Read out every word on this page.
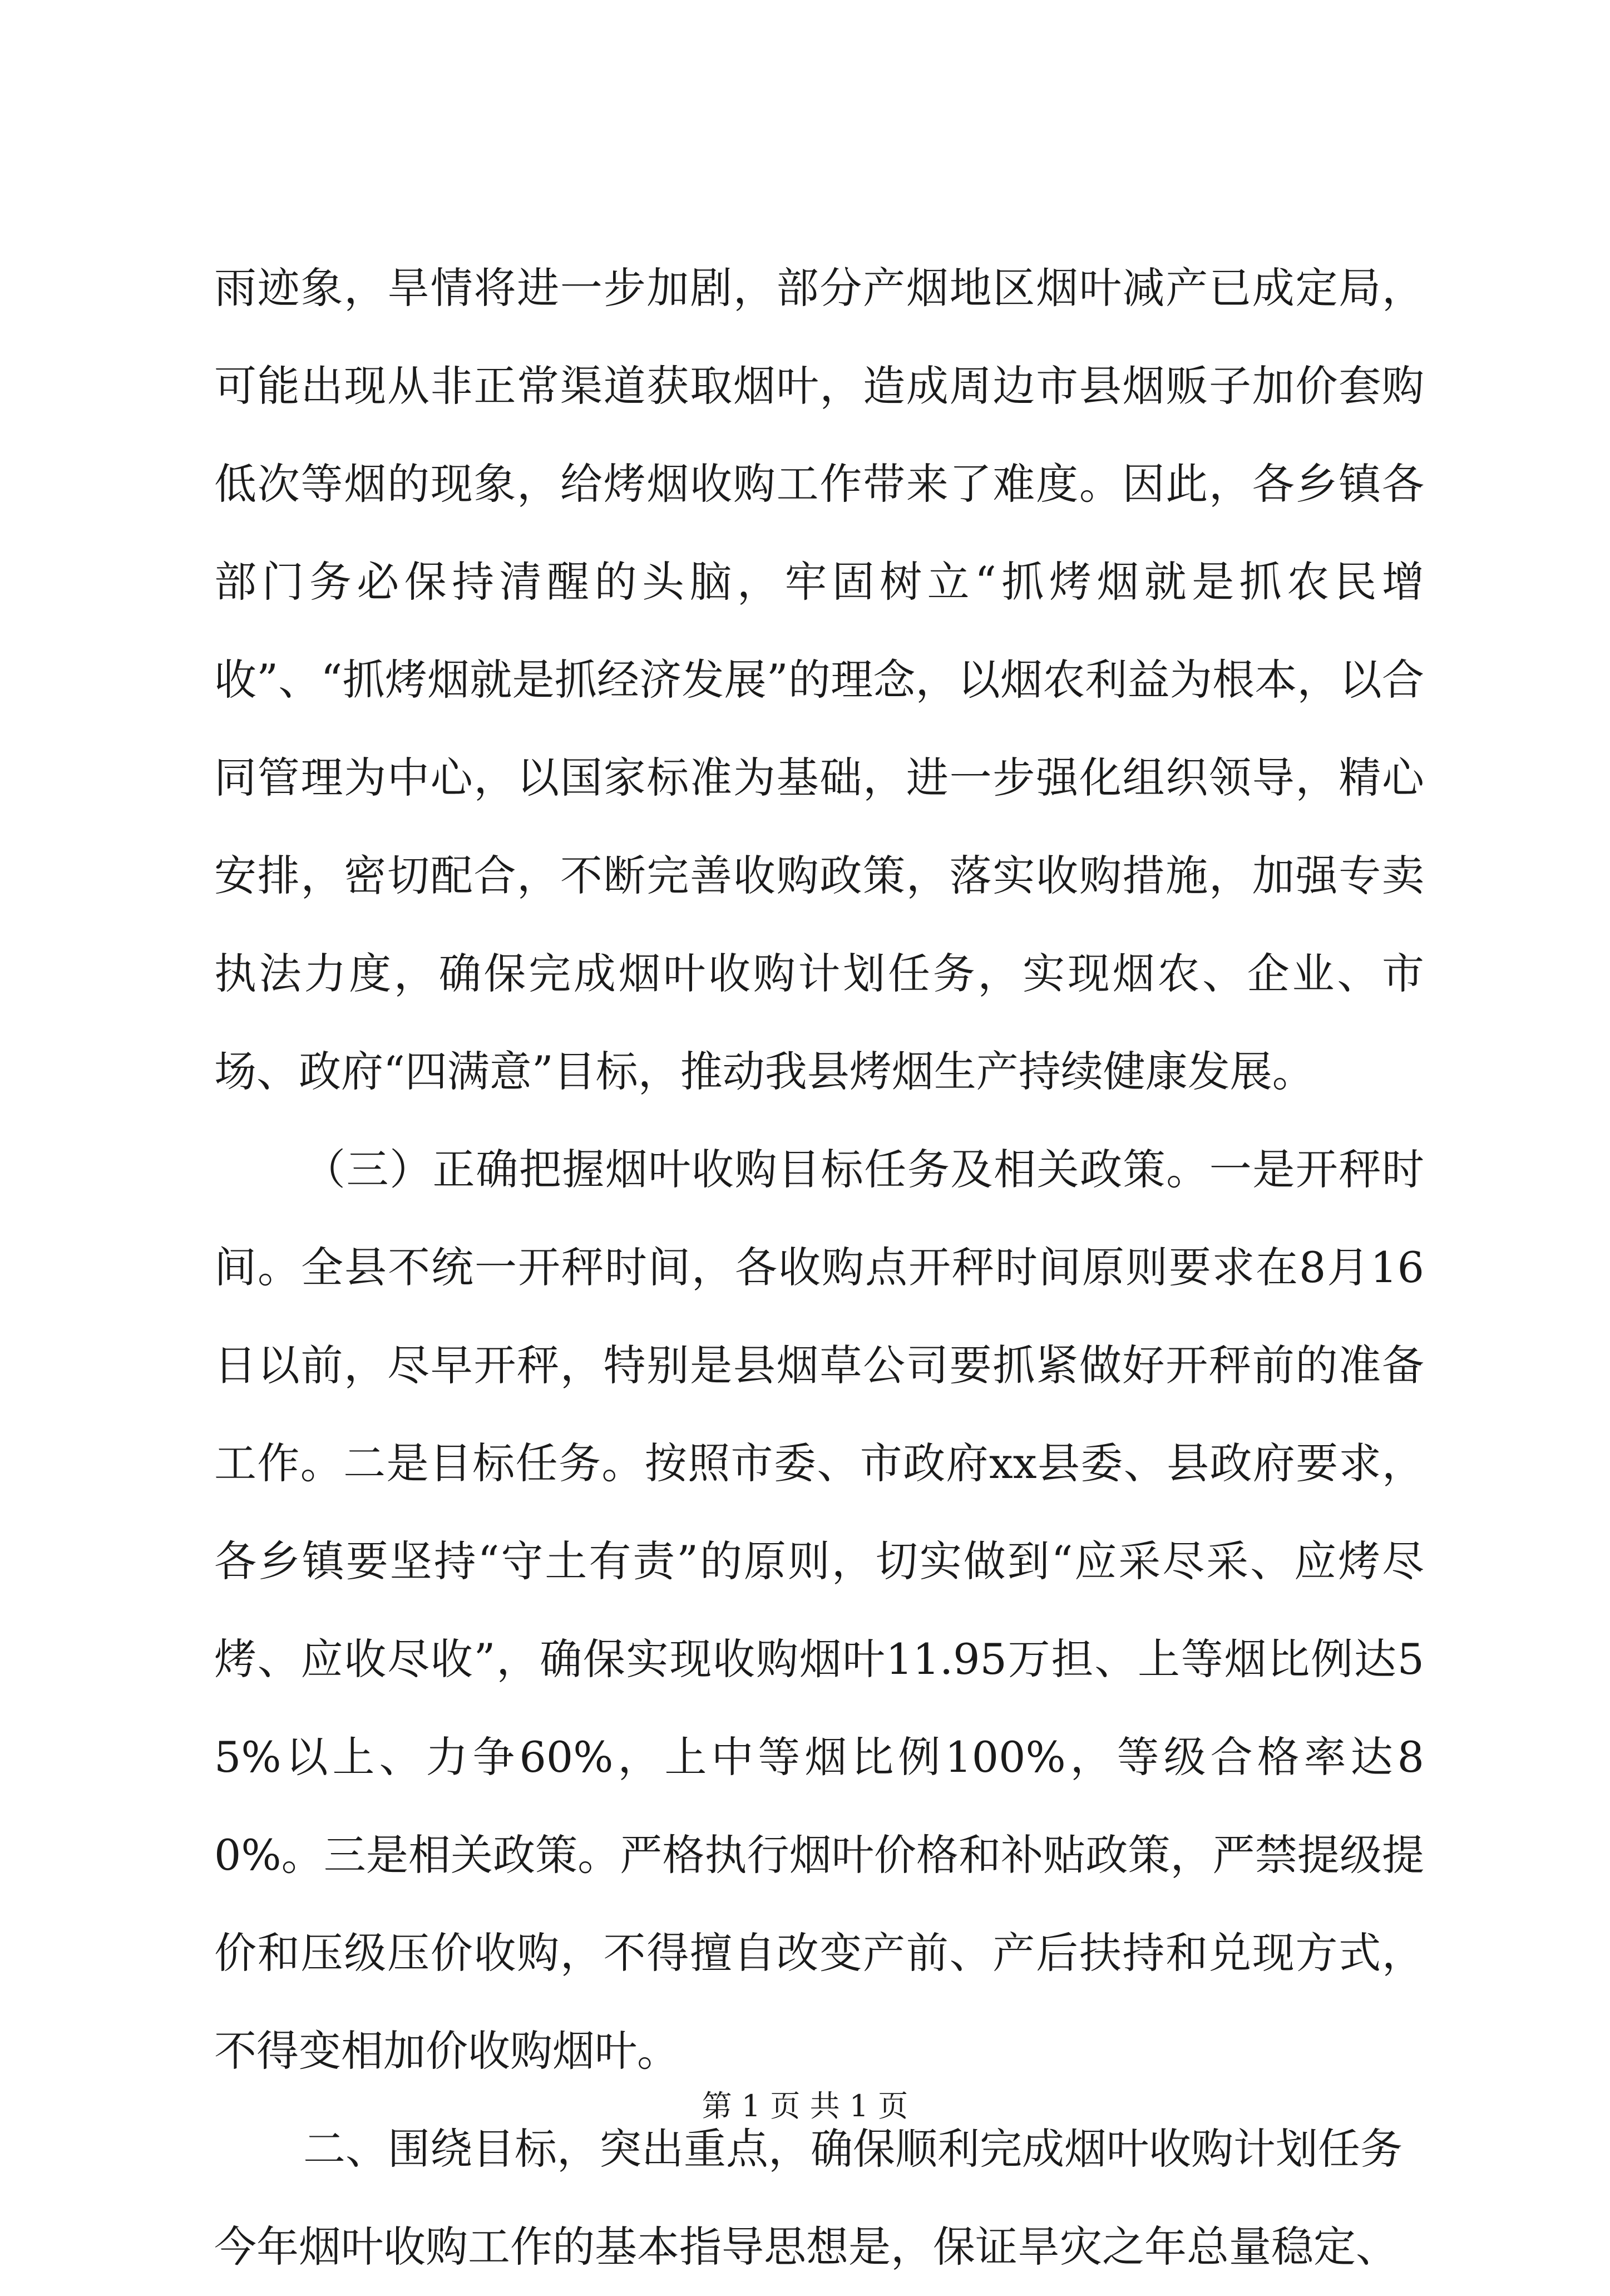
雨迹象，旱情将进一步加剧，部分产烟地区烟叶减产已成定局，可能出现从非正常渠道获取烟叶，造成周边市县烟贩子加价套购低次等烟的现象，给烤烟收购工作带来了难度。因此，各乡镇各部门务必保持清醒的头脑，牢固树立“抓烤烟就是抓农民增收”、“抓烤烟就是抓经济发展”的理念，以烟农利益为根本，以合同管理为中心，以国家标准为基础，进一步强化组织领导，精心安排，密切配合，不断完善收购政策，落实收购措施，加强专卖执法力度，确保完成烟叶收购计划任务，实现烟农、企业、市场、政府“四满意”目标，推动我县烤烟生产持续健康发展。

（三）正确把握烟叶收购目标任务及相关政策。一是开秤时间。全县不统一开秤时间，各收购点开秤时间原则要求在8月16日以前，尽早开秤，特别是县烟草公司要抓紧做好开秤前的准备工作。二是目标任务。按照市委、市政府xx县委、县政府要求，各乡镇要坚持“守土有责”的原则，切实做到“应采尽采、应烤尽烤、应收尽收”，确保实现收购烟叶11.95万担、上等烟比例达55%以上、力争60%，上中等烟比例100%，等级合格率达80%。三是相关政策。严格执行烟叶价格和补贴政策，严禁提级提价和压级压价收购，不得擅自改变产前、产后扶持和兑现方式，不得变相加价收购烟叶。

二、围绕目标，突出重点，确保顺利完成烟叶收购计划任务

今年烟叶收购工作的基本指导思想是，保证旱灾之年总量稳定、

第 1 页 共 1 页
